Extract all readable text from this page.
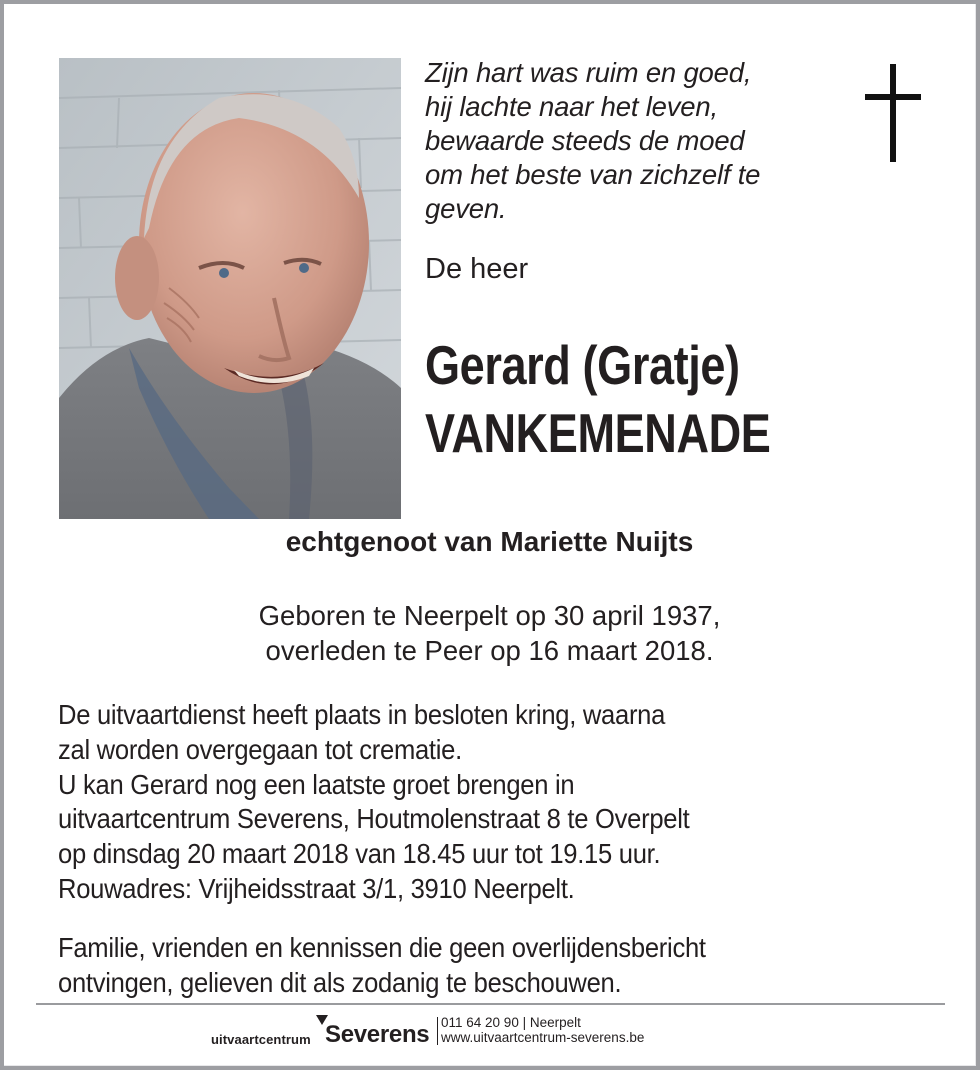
Zijn hart was ruim en goed,
hij lachte naar het leven,
bewaarde steeds de moed
om het beste van zichzelf te
geven.
De heer
Gerard (Gratje)
VANKEMENADE
echtgenoot van Mariette Nuijts
Geboren te Neerpelt op 30 april 1937,
overleden te Peer op 16 maart 2018.
De uitvaartdienst heeft plaats in besloten kring, waarna
zal worden overgegaan tot crematie.
U kan Gerard nog een laatste groet brengen in
uitvaartcentrum Severens, Houtmolenstraat 8 te Overpelt
op dinsdag 20 maart 2018 van 18.45 uur tot 19.15 uur.
Rouwadres: Vrijheidsstraat 3/1, 3910 Neerpelt.
Familie, vrienden en kennissen die geen overlijdensbericht
ontvingen, gelieven dit als zodanig te beschouwen.
uitvaartcentrum Severens 011 64 20 90 | Neerpelt
www.uitvaartcentrum-severens.be
